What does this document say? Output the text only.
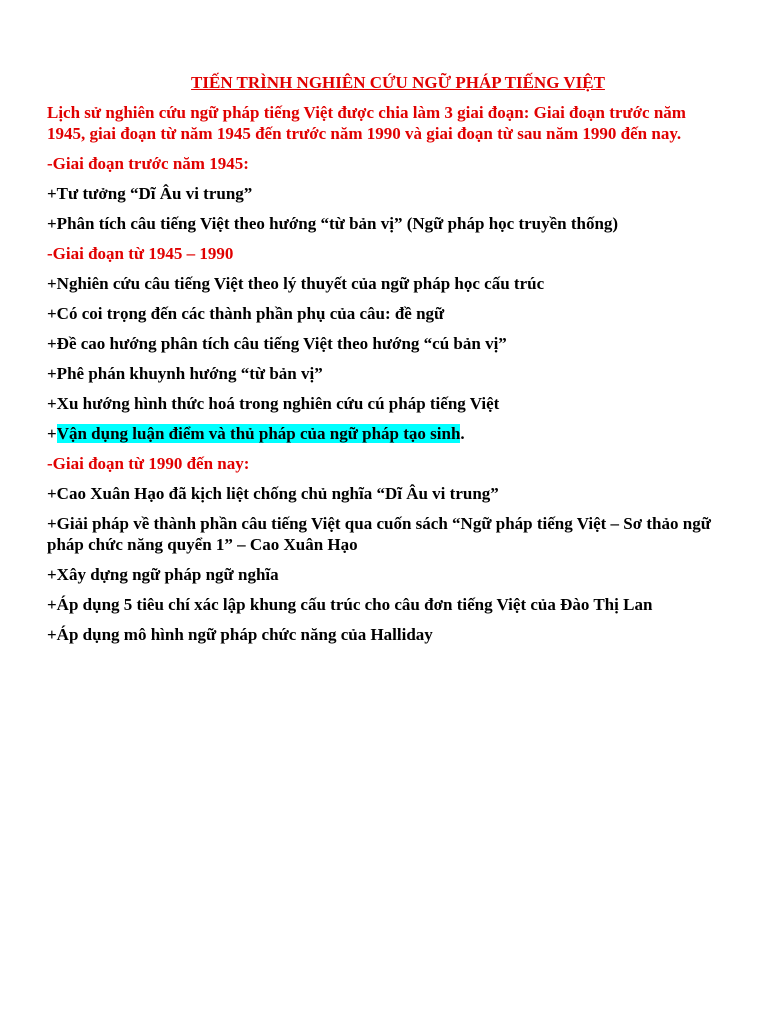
TIẾN TRÌNH NGHIÊN CỨU NGỮ PHÁP TIẾNG VIỆT
Lịch sử nghiên cứu ngữ pháp tiếng Việt được chia làm 3 giai đoạn: Giai đoạn trước năm 1945, giai đoạn từ năm 1945 đến trước năm 1990 và giai đoạn từ sau năm 1990 đến nay.
-Giai đoạn trước năm 1945:
+Tư tưởng “Dĩ Âu vi trung”
+Phân tích câu tiếng Việt theo hướng “từ bản vị” (Ngữ pháp học truyền thống)
-Giai đoạn từ 1945 – 1990
+Nghiên cứu câu tiếng Việt theo lý thuyết của ngữ pháp học cấu trúc
+Có coi trọng đến các thành phần phụ của câu: đề ngữ
+Đề cao hướng phân tích câu tiếng Việt theo hướng “cú bản vị”
+Phê phán khuynh hướng “từ bản vị”
+Xu hướng hình thức hoá trong nghiên cứu cú pháp tiếng Việt
+Vận dụng luận điểm và thủ pháp của ngữ pháp tạo sinh.
-Giai đoạn từ 1990 đến nay:
+Cao Xuân Hạo đã kịch liệt chống chủ nghĩa “Dĩ Âu vi trung”
+Giải pháp về thành phần câu tiếng Việt qua cuốn sách “Ngữ pháp tiếng Việt – Sơ thảo ngữ pháp chức năng quyển 1” – Cao Xuân Hạo
+Xây dựng ngữ pháp ngữ nghĩa
+Áp dụng 5 tiêu chí xác lập khung cấu trúc cho câu đơn tiếng Việt của Đào Thị Lan
+Áp dụng mô hình ngữ pháp chức năng của Halliday
